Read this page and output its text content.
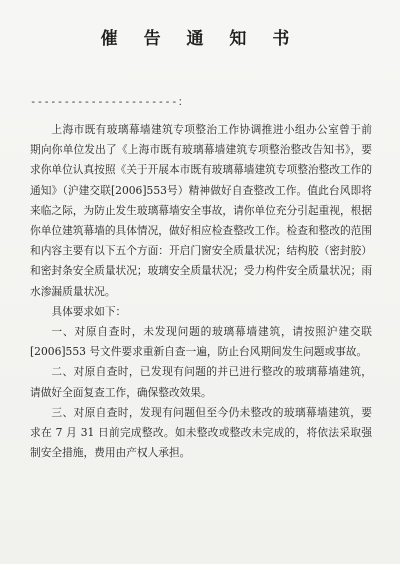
催 告 通 知 书
----------------------：

上海市既有玻璃幕墙建筑专项整治工作协调推进小组办公室曾于前期向你单位发出了《上海市既有玻璃幕墙建筑专项整治整改告知书》，要求你单位认真按照《关于开展本市既有玻璃幕墙建筑专项整治整改工作的通知》（沪建交联[2006]553号）精神做好自查整改工作。值此台风即将来临之际，为防止发生玻璃幕墙安全事故，请你单位充分引起重视，根据你单位建筑幕墙的具体情况，做好相应检查整改工作。检查和整改的范围和内容主要有以下五个方面：开启门窗安全质量状况；结构胶（密封胶）和密封条安全质量状况；玻璃安全质量状况；受力构件安全质量状况；雨水渗漏质量状况。

具体要求如下：

一、对原自查时，未发现问题的玻璃幕墙建筑，请按照沪建交联[2006]553 号文件要求重新自查一遍，防止台风期间发生问题或事故。

二、对原自查时，已发现有问题的并已进行整改的玻璃幕墙建筑，请做好全面复查工作，确保整改效果。

三、对原自查时，发现有问题但至今仍未整改的玻璃幕墙建筑，要求在 7 月 31 日前完成整改。如未整改或整改未完成的，将依法采取强制安全措施，费用由产权人承担。
